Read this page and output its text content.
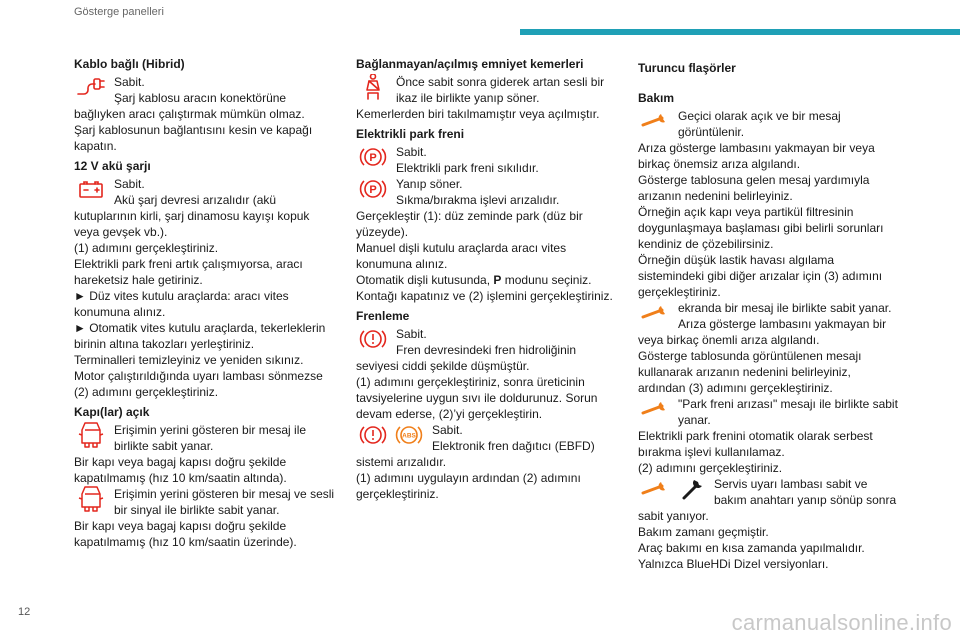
Gösterge panelleri
Kablo bağlı (Hibrid)
Sabit.
Şarj kablosu aracın konektörüne
bağlıyken aracı çalıştırmak mümkün olmaz.
Şarj kablosunun bağlantısını kesin ve kapağı
kapatın.
12 V akü şarjı
Sabit.
Akü şarj devresi arızalıdır (akü
kutuplarının kirli, şarj dinamosu kayışı kopuk
veya gevşek vb.).
(1) adımını gerçekleştiriniz.
Elektrikli park freni artık çalışmıyorsa, aracı
hareketsiz hale getiriniz.
► Düz vites kutulu araçlarda: aracı vites
konumuna alınız.
► Otomatik vites kutulu araçlarda, tekerleklerin
birinin altına takozları yerleştiriniz.
Terminalleri temizleyiniz ve yeniden sıkınız.
Motor çalıştırıldığında uyarı lambası sönmezse
(2) adımını gerçekleştiriniz.
Kapı(lar) açık
Erişimin yerini gösteren bir mesaj ile
birlikte sabit yanar.
Bir kapı veya bagaj kapısı doğru şekilde
kapatılmamış (hız 10 km/saatin altında).
Erişimin yerini gösteren bir mesaj ve sesli
bir sinyal ile birlikte sabit yanar.
Bir kapı veya bagaj kapısı doğru şekilde
kapatılmamış (hız 10 km/saatin üzerinde).
Bağlanmayan/açılmış emniyet kemerleri
Önce sabit sonra giderek artan sesli bir
ikaz ile birlikte yanıp söner.
Kemerlerden biri takılmamıştır veya açılmıştır.
Elektrikli park freni
P Sabit.
Elektrikli park freni sıkılıdır.
P Yanıp söner.
Sıkma/bırakma işlevi arızalıdır.
Gerçekleştir (1): düz zeminde park (düz bir
yüzeyde).
Manuel dişli kutulu araçlarda aracı vites
konumuna alınız.
Otomatik dişli kutusunda, P modunu seçiniz.
Kontağı kapatınız ve (2) işlemini gerçekleştiriniz.
Frenleme
Sabit.
Fren devresindeki fren hidroliğinin
seviyesi ciddi şekilde düşmüştür.
(1) adımını gerçekleştiriniz, sonra üreticinin
tavsiyelerine uygun sıvı ile doldurunuz. Sorun
devam ederse, (2)’yi gerçekleştirin.
ABS Sabit.
Elektronik fren dağıtıcı (EBFD)
sistemi arızalıdır.
(1) adımını uygulayın ardından (2) adımını
gerçekleştiriniz.
Turuncu flaşörler
Bakım
Geçici olarak açık ve bir mesaj
görüntülenir.
Arıza gösterge lambasını yakmayan bir veya
birkaç önemsiz arıza algılandı.
Gösterge tablosuna gelen mesaj yardımıyla
arızanın nedenini belirleyiniz.
Örneğin açık kapı veya partikül filtresinin
doygunlaşmaya başlaması gibi belirli sorunları
kendiniz de çözebilirsiniz.
Örneğin düşük lastik havası algılama
sistemindeki gibi diğer arızalar için (3) adımını
gerçekleştiriniz.
ekranda bir mesaj ile birlikte sabit yanar.
Arıza gösterge lambasını yakmayan bir
veya birkaç önemli arıza algılandı.
Gösterge tablosunda görüntülenen mesajı
kullanarak arızanın nedenini belirleyiniz,
ardından (3) adımını gerçekleştiriniz.
"Park freni arızası" mesajı ile birlikte sabit
yanar.
Elektrikli park frenini otomatik olarak serbest
bırakma işlevi kullanılamaz.
(2) adımını gerçekleştiriniz.
Servis uyarı lambası sabit ve
bakım anahtarı yanıp sönüp sonra
sabit yanıyor.
Bakım zamanı geçmiştir.
Araç bakımı en kısa zamanda yapılmalıdır.
Yalnızca BlueHDi Dizel versiyonları.
12	carmanualsonline.info
